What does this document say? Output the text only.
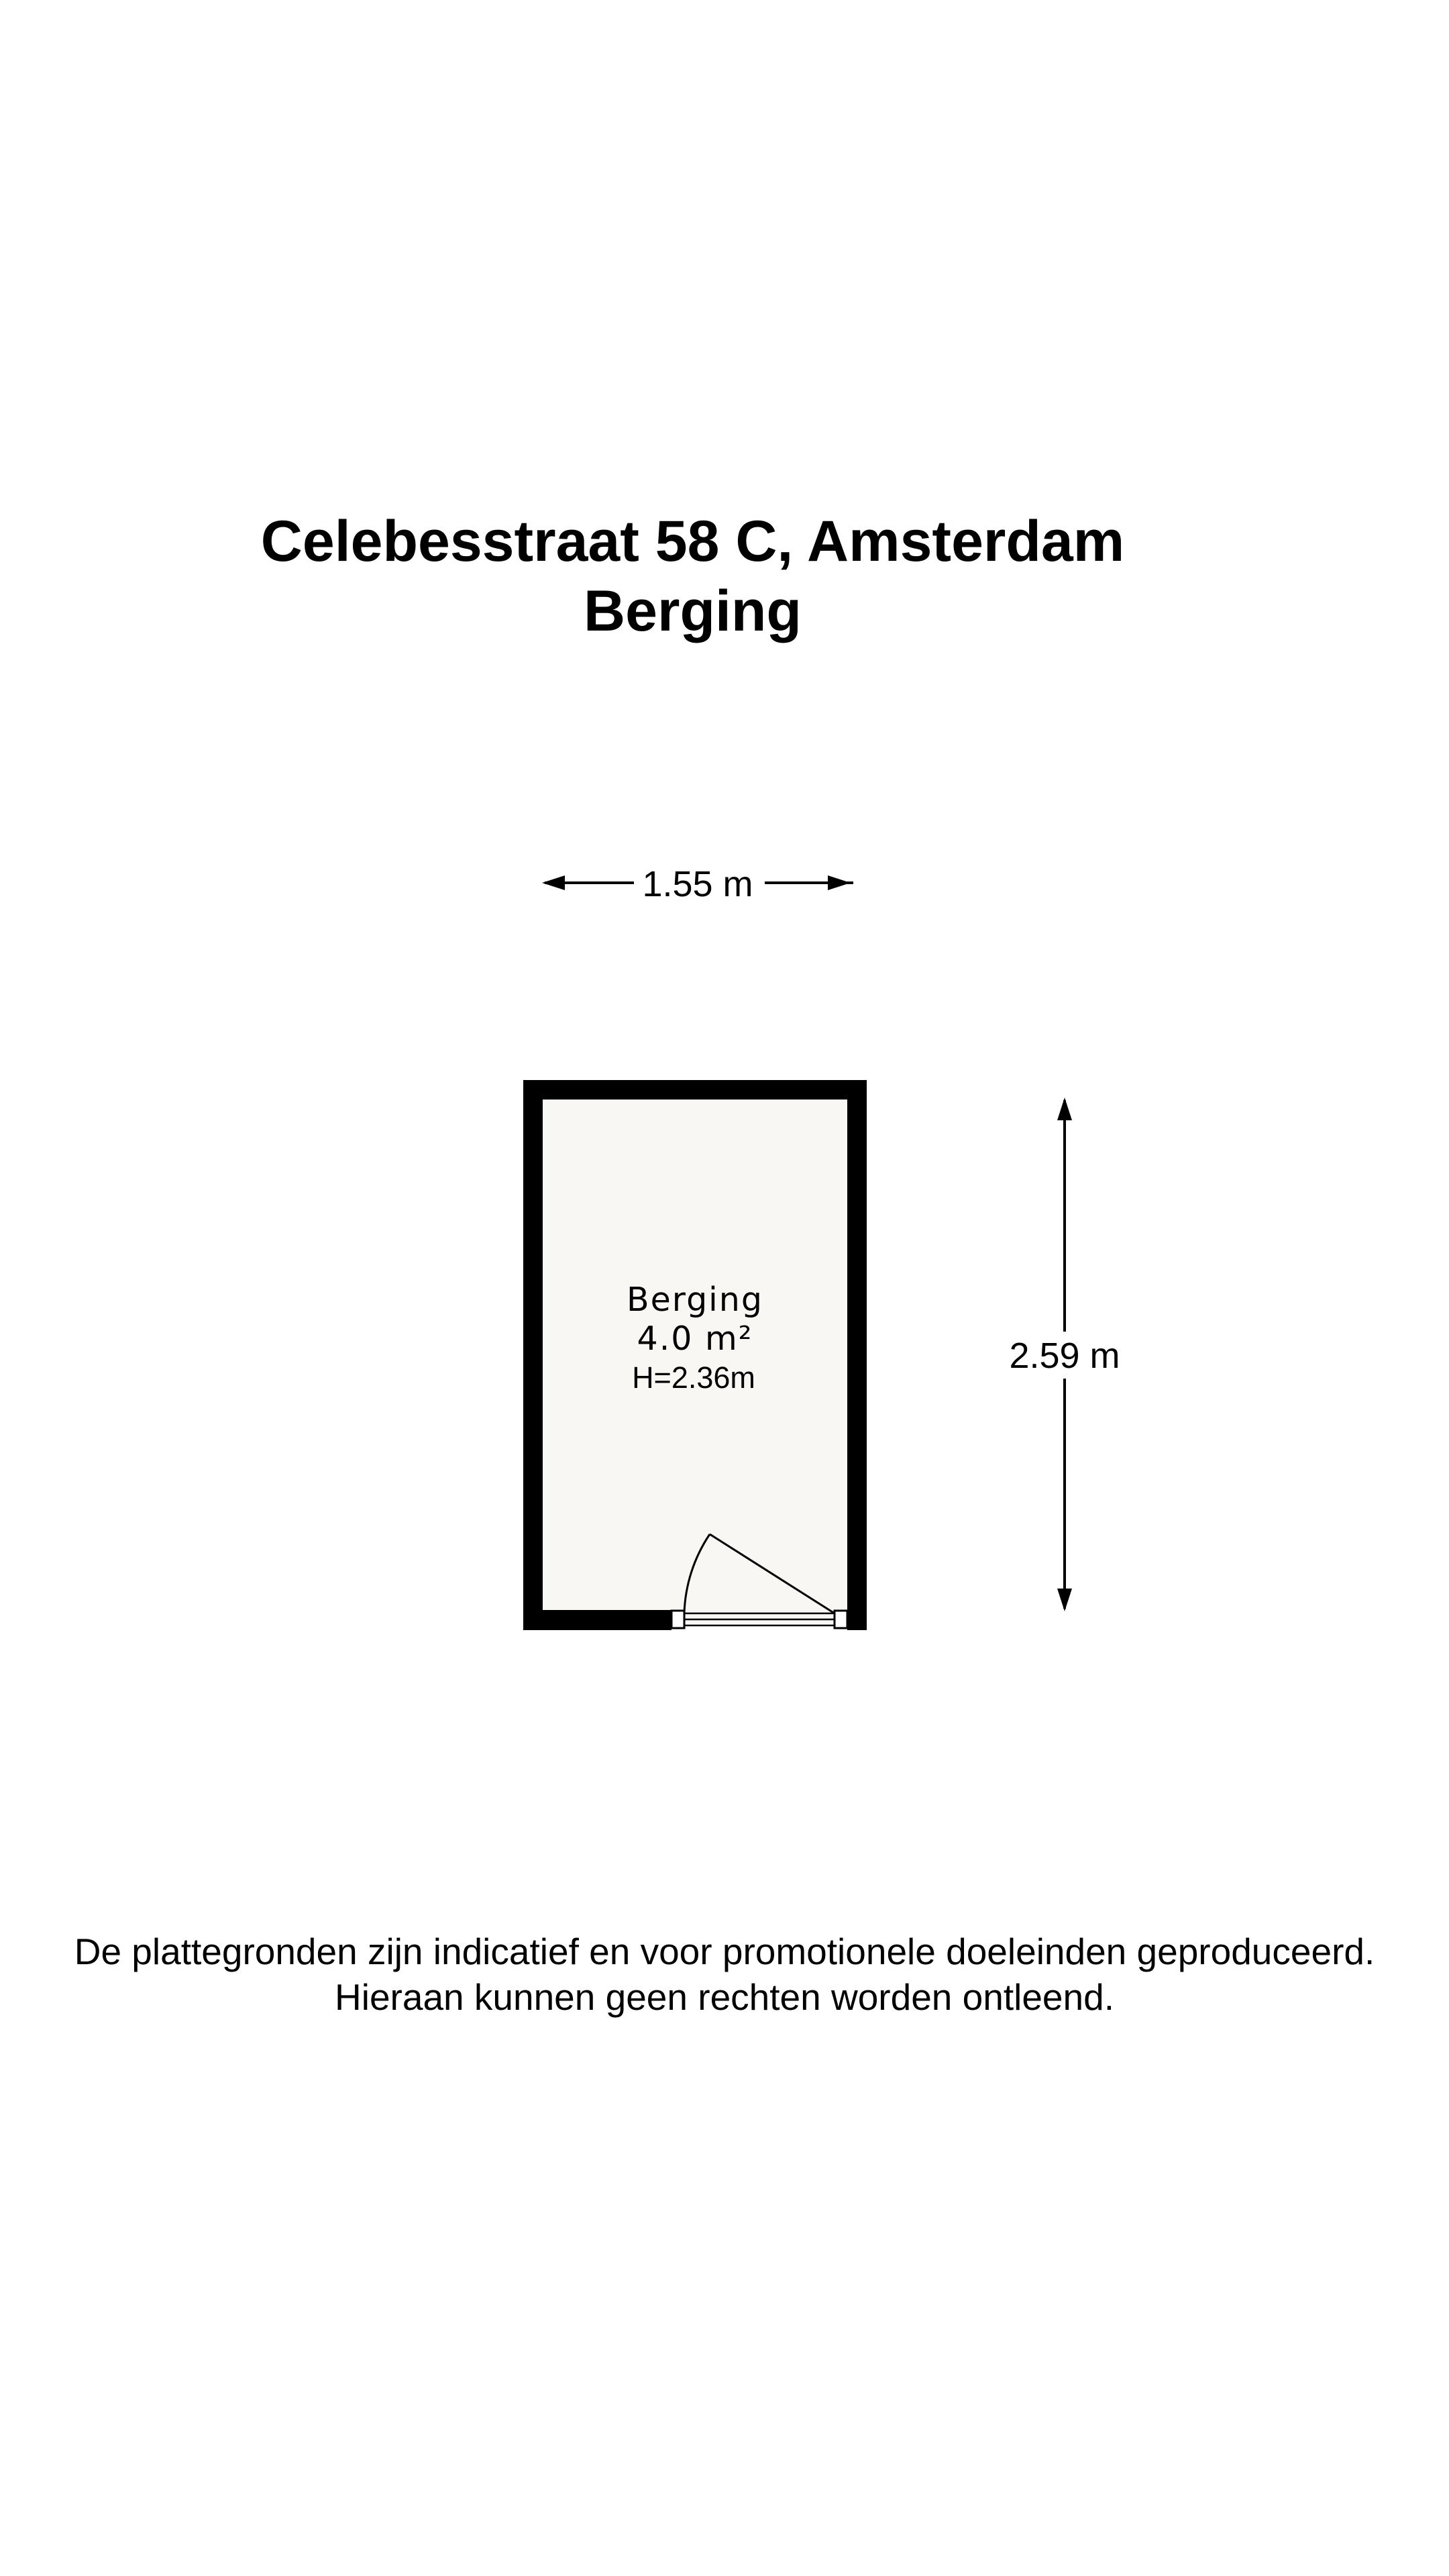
Celebesstraat 58 C, Amsterdam
Berging
1.55 m
Berging
4.0 m²
H=2.36m
2.59 m
De plattegronden zijn indicatief en voor promotionele doeleinden geproduceerd.
Hieraan kunnen geen rechten worden ontleend.
